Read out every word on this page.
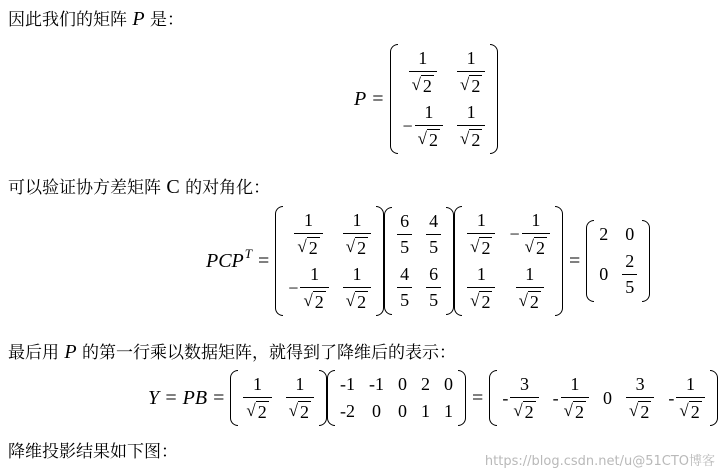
因此我们的矩阵 P 是：
P =
$\frac{1}{√ 2} \frac{1}{√ 2}$
− $\frac{1}{√ 2} \frac{1}{√ 2}$
可以验证协方差矩阵 C 的对角化：
$PCP^T$ =
$\frac{1}{√ 2} \frac{1}{√ 2}$
− $\frac{1}{√ 2} \frac{1}{√ 2}$
$\frac{6}{5} \frac{4}{5}$
$\frac{4}{5} \frac{6}{5}$
$\frac{1}{√ 2} - \frac{1}{√ 2}$
$\frac{1}{√ 2} \frac{1}{√ 2}$
=
2 0
$0 \frac{2}{5}$
最后用 P 的第一行乘以数据矩阵，就得到了降维后的表示：
Y = PB = $\frac{1}{√ 2} \frac{1}{√ 2} -1$ -1 0 2 0
-2 0 0 1 1
= - $\frac{3}{√ 2} - \frac{1}{√ 2} 0 \frac{3}{√ 2} - \frac{1}{√ 2}$
降维投影结果如下图：	https://blog.csdn.net/u@51CTO博客
